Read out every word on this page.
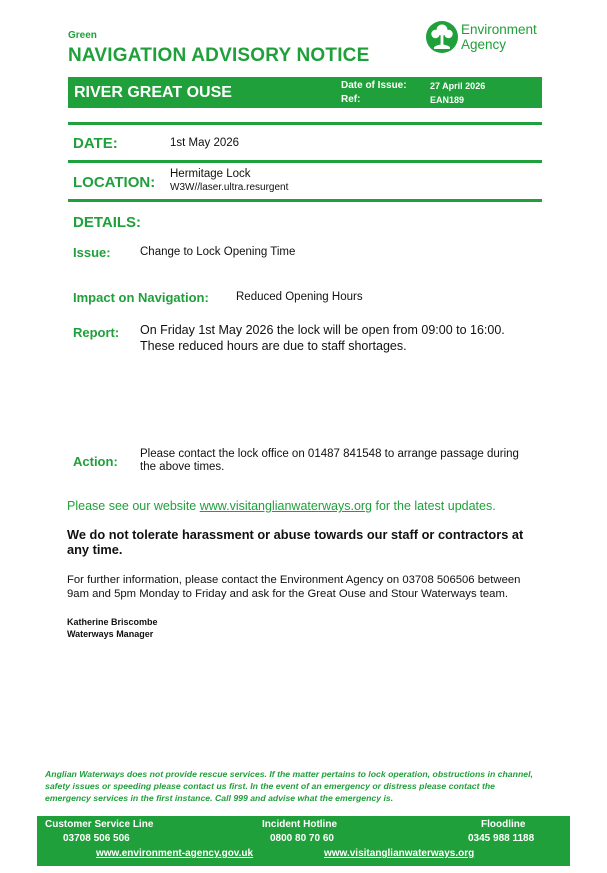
Green
NAVIGATION ADVISORY NOTICE
Environment
Agency
RIVER GREAT OUSE	Date of Issue:	27 April 2026
Ref:	EAN189
DATE:	1st May 2026
LOCATION: Hermitage Lock
W3W//laser.ultra.resurgent
DETAILS:
Issue:	Change to Lock Opening Time
Impact on Navigation: Reduced Opening Hours
Report: On Friday 1st May 2026 the lock will be open from 09:00 to 16:00.
These reduced hours are due to staff shortages.
Action: Please contact the lock office on 01487 841548 to arrange passage during
the above times.
Please see our website www.visitanglianwaterways.org for the latest updates.
We do not tolerate harassment or abuse towards our staff or contractors at
any time.
For further information, please contact the Environment Agency on 03708 506506 between
9am and 5pm Monday to Friday and ask for the Great Ouse and Stour Waterways team.
Katherine Briscombe
Waterways Manager
Anglian Waterways does not provide rescue services. If the matter pertains to lock operation, obstructions in channel,
safety issues or speeding please contact us first. In the event of an emergency or distress please contact the
emergency services in the first instance. Call 999 and advise what the emergency is.
Customer Service Line
03708 506 506
Incident Hotline
0800 80 70 60
Floodline
0345 988 1188
www.environment-agency.gov.uk	www.visitanglianwaterways.org
